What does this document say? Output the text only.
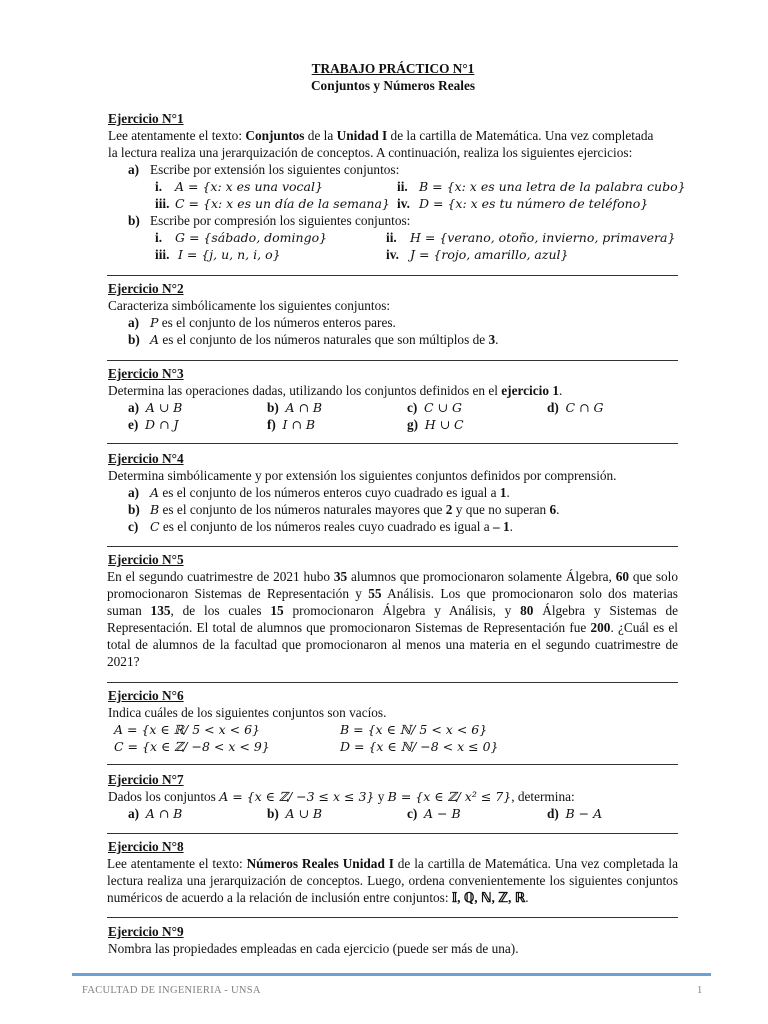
TRABAJO PRÁCTICO N°1
Conjuntos y Números Reales
Ejercicio N°1
Lee atentamente el texto: Conjuntos de la Unidad I de la cartilla de Matemática. Una vez completada
la lectura realiza una jerarquización de conceptos. A continuación, realiza los siguientes ejercicios:
a) Escribe por extensión los siguientes conjuntos:
i. A = {x: x es una vocal}	ii. B = {x: x es una letra de la palabra cubo}
iii. C = {x: x es un día de la semana} iv. D = {x: x es tu número de teléfono}
b) Escribe por compresión los siguientes conjuntos:
i. G = {sábado, domingo}	ii. H = {verano, otoño, invierno, primavera}
iii. I = {j, u, n, i, o}	iv. J = {rojo, amarillo, azul}
Ejercicio N°2
Caracteriza simbólicamente los siguientes conjuntos:
a) P es el conjunto de los números enteros pares.
b) A es el conjunto de los números naturales que son múltiplos de 3.
Ejercicio N°3
Determina las operaciones dadas, utilizando los conjuntos definidos en el ejercicio 1.
a) A ∪ B	b) A ∩ B	c) C ∪ G	d) C ∩ G
e) D ∩ J	f) I ∩ B	g) H ∪ C
Ejercicio N°4
Determina simbólicamente y por extensión los siguientes conjuntos definidos por comprensión.
a) A es el conjunto de los números enteros cuyo cuadrado es igual a 1.
b) B es el conjunto de los números naturales mayores que 2 y que no superan 6.
c) C es el conjunto de los números reales cuyo cuadrado es igual a – 1.
Ejercicio N°5
En el segundo cuatrimestre de 2021 hubo 35 alumnos que promocionaron solamente Álgebra, 60 que solo promocionaron Sistemas de Representación y 55 Análisis. Los que promocionaron solo dos materias suman 135, de los cuales 15 promocionaron Álgebra y Análisis, y 80 Álgebra y Sistemas de Representación. El total de alumnos que promocionaron Sistemas de Representación fue 200. ¿Cuál es el total de alumnos de la facultad que promocionaron al menos una materia en el segundo cuatrimestre de 2021?
Ejercicio N°6
Indica cuáles de los siguientes conjuntos son vacíos.
A = {x ∈ ℝ/ 5 < x < 6}	B = {x ∈ ℕ/ 5 < x < 6}
C = {x ∈ ℤ/ −8 < x < 9}	D = {x ∈ ℕ/ −8 < x ≤ 0}
Ejercicio N°7
Dados los conjuntos A = {x ∈ ℤ/ −3 ≤ x ≤ 3} y B = {x ∈ ℤ/ x² ≤ 7}, determina:
a) A ∩ B	b) A ∪ B	c) A − B	d) B − A
Ejercicio N°8
Lee atentamente el texto: Números Reales Unidad I de la cartilla de Matemática. Una vez completada la lectura realiza una jerarquización de conceptos. Luego, ordena convenientemente los siguientes conjuntos numéricos de acuerdo a la relación de inclusión entre conjuntos: 𝕀, ℚ, ℕ, ℤ, ℝ.
Ejercicio N°9
Nombra las propiedades empleadas en cada ejercicio (puede ser más de una).
FACULTAD DE INGENIERIA - UNSA	1
